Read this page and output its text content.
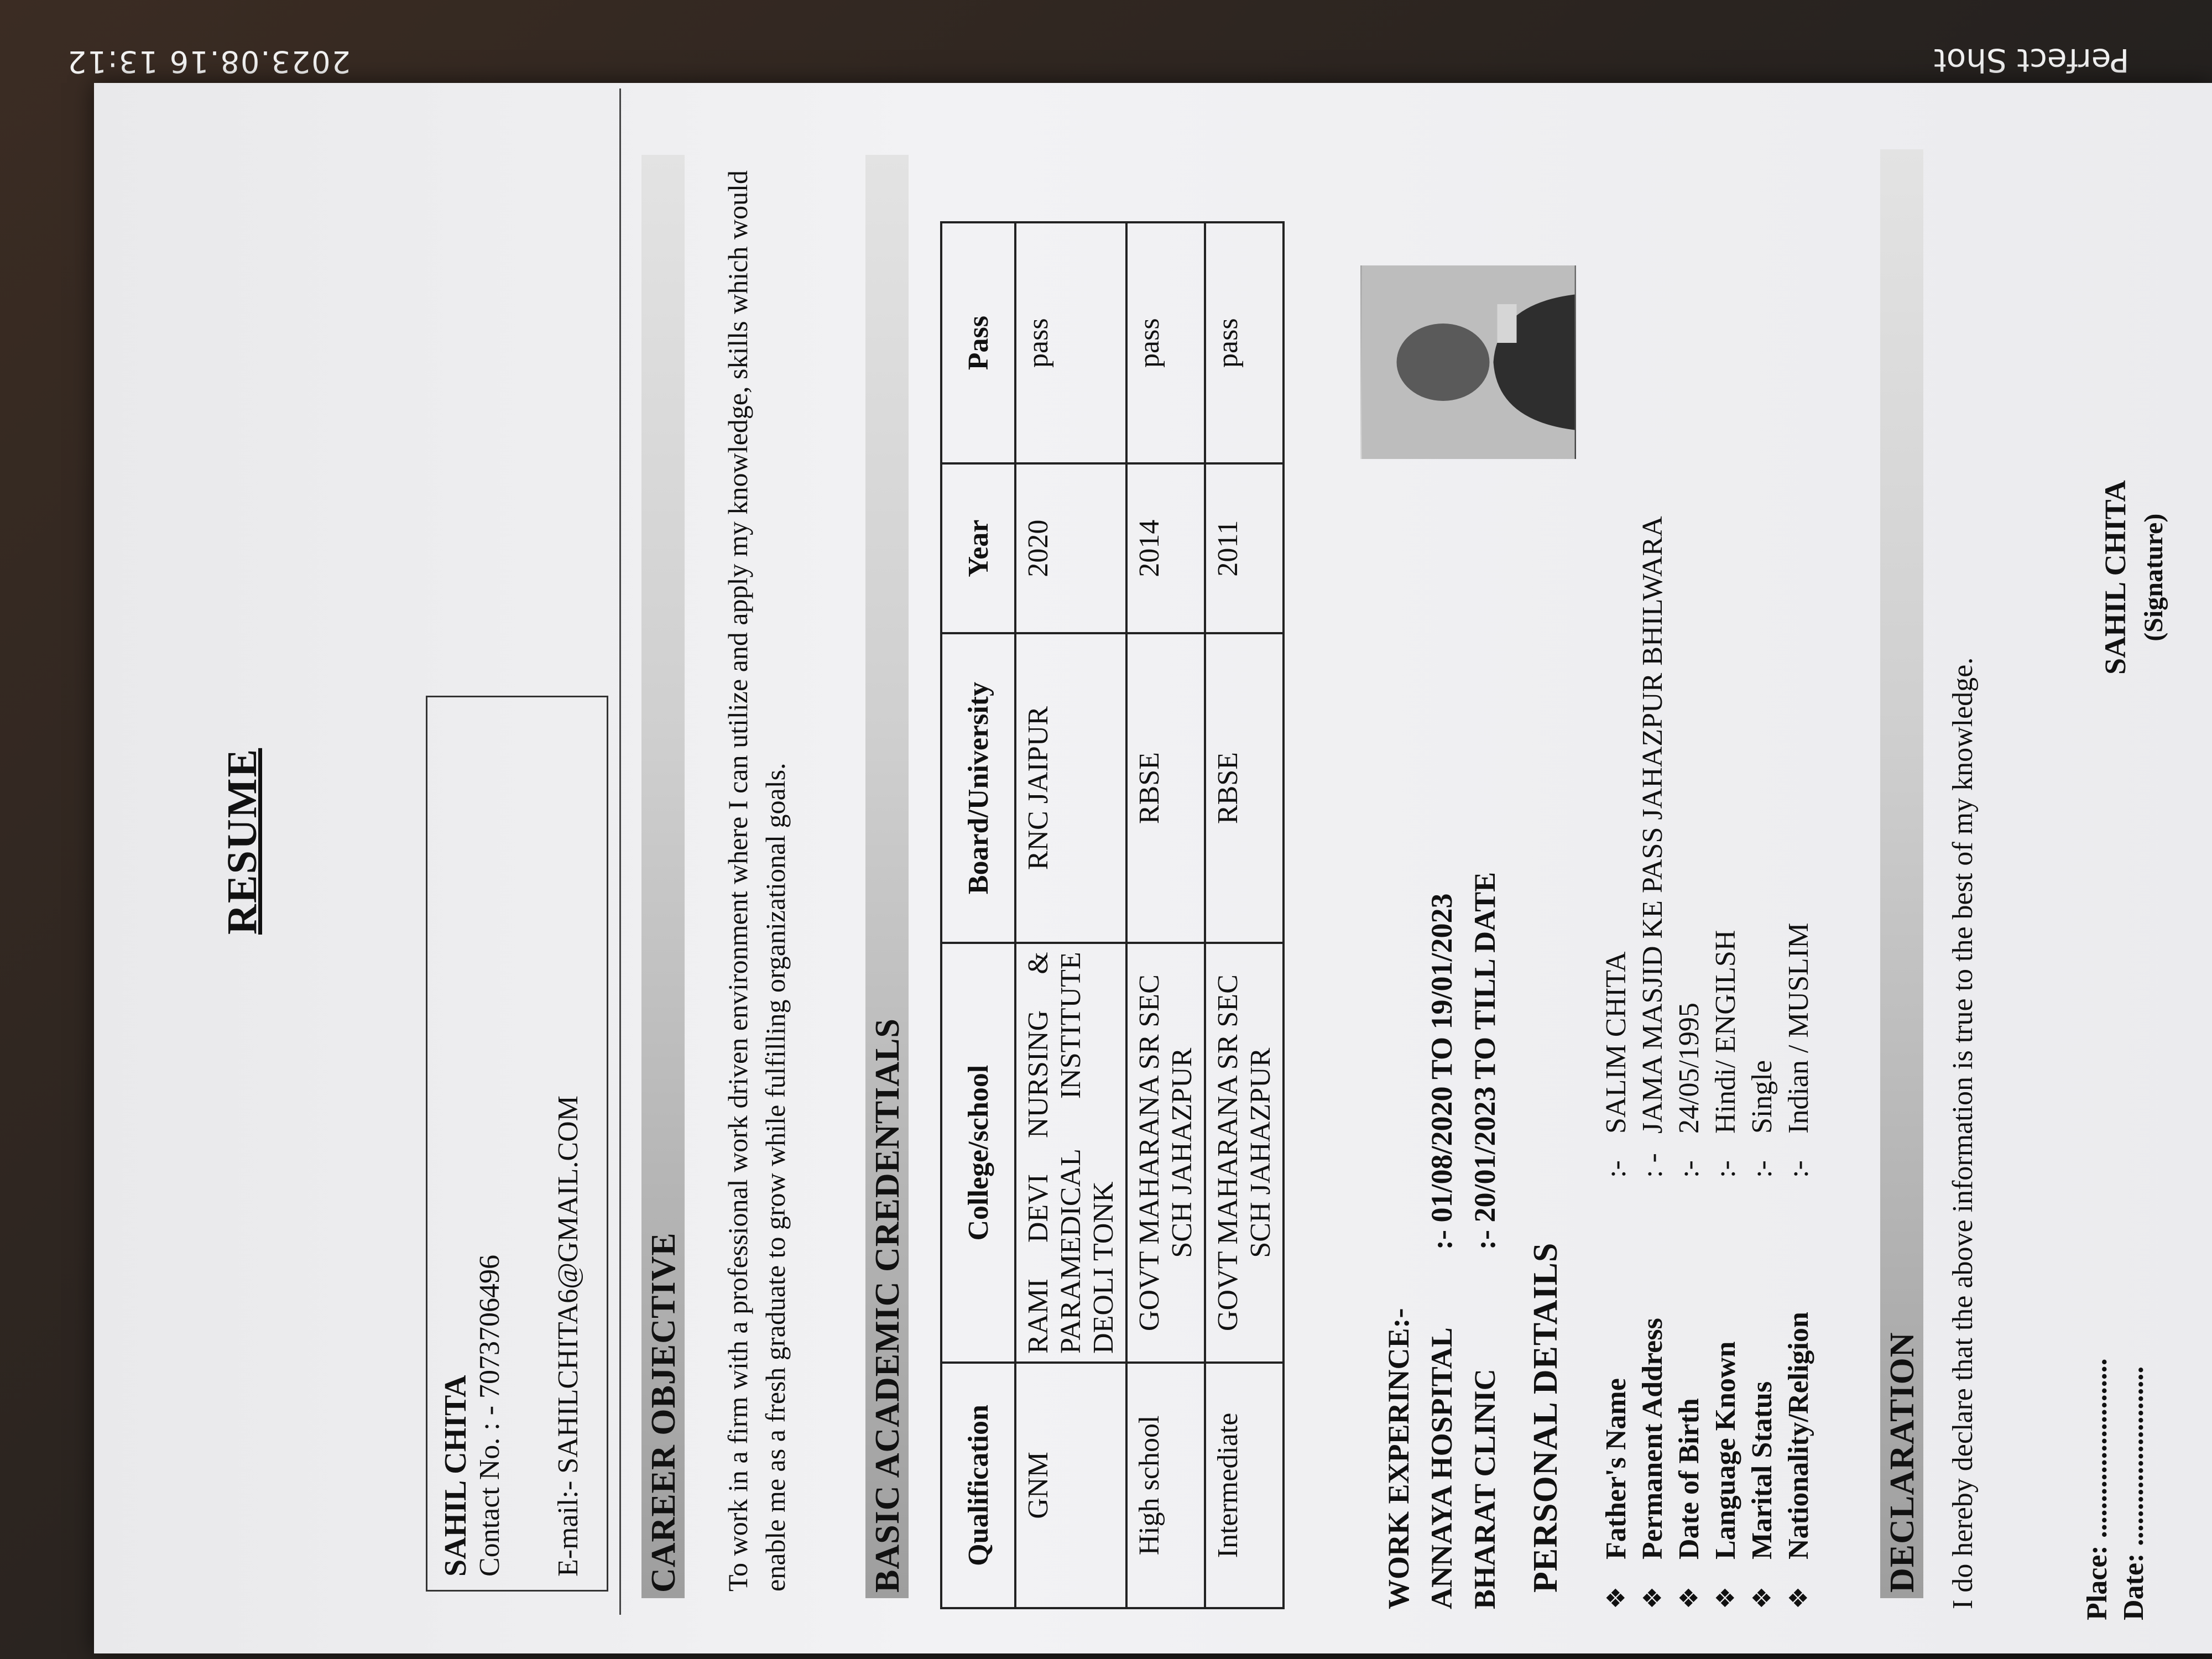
2023.08.16 13:12	Perfect Shot
RESUME
SAHIL CHITA Contact No. : - 7073706496 E-mail:- SAHILCHITA6@GMAIL.COM CAREER OBJECTIVE To work in a firm with a professional work driven environment where I can utilize and apply my knowledge, skills which would enable me as a fresh graduate to grow while fulfilling organizational goals. BASIC ACADEMIC CREDENTIALS Qualification	College/school	Board/University	Year	Pass
GNM	RAMI DEVI NURSING & PARAMEDICAL INSTITUTE DEOLI TONK	RNC JAIPUR	2020	pass
High school	GOVT MAHARANA SR SEC SCH JAHAZPUR	RBSE	2014	pass
Intermediate	GOVT MAHARANA SR SEC SCH JAHAZPUR	RBSE	2011	pass
WORK EXPERINCE:- ANNAYA HOSPITAL:- 01/08/2020 TO 19/01/2023
BHARAT CLINIC:- 20/01/2023 TO TILL DATE
PERSONAL DETAILS
❖
Father's Name
:-
SALIM CHITA
❖
Permanent Address
: -
JAMA MASJID KE PASS JAHAZPUR BHILWARA
❖
Date of Birth
:-
24/05/1995
❖
Language Known
:-
Hindi/ ENGILSH
❖
Marital Status
:-
Single
❖
Nationality/Religion
:-
Indian / MUSLIM
DECLARATION I do hereby declare that the above information is true to the best of my knowledge.	Place: ......................... Date: .........................
SAHIL CHITA (Signature)
